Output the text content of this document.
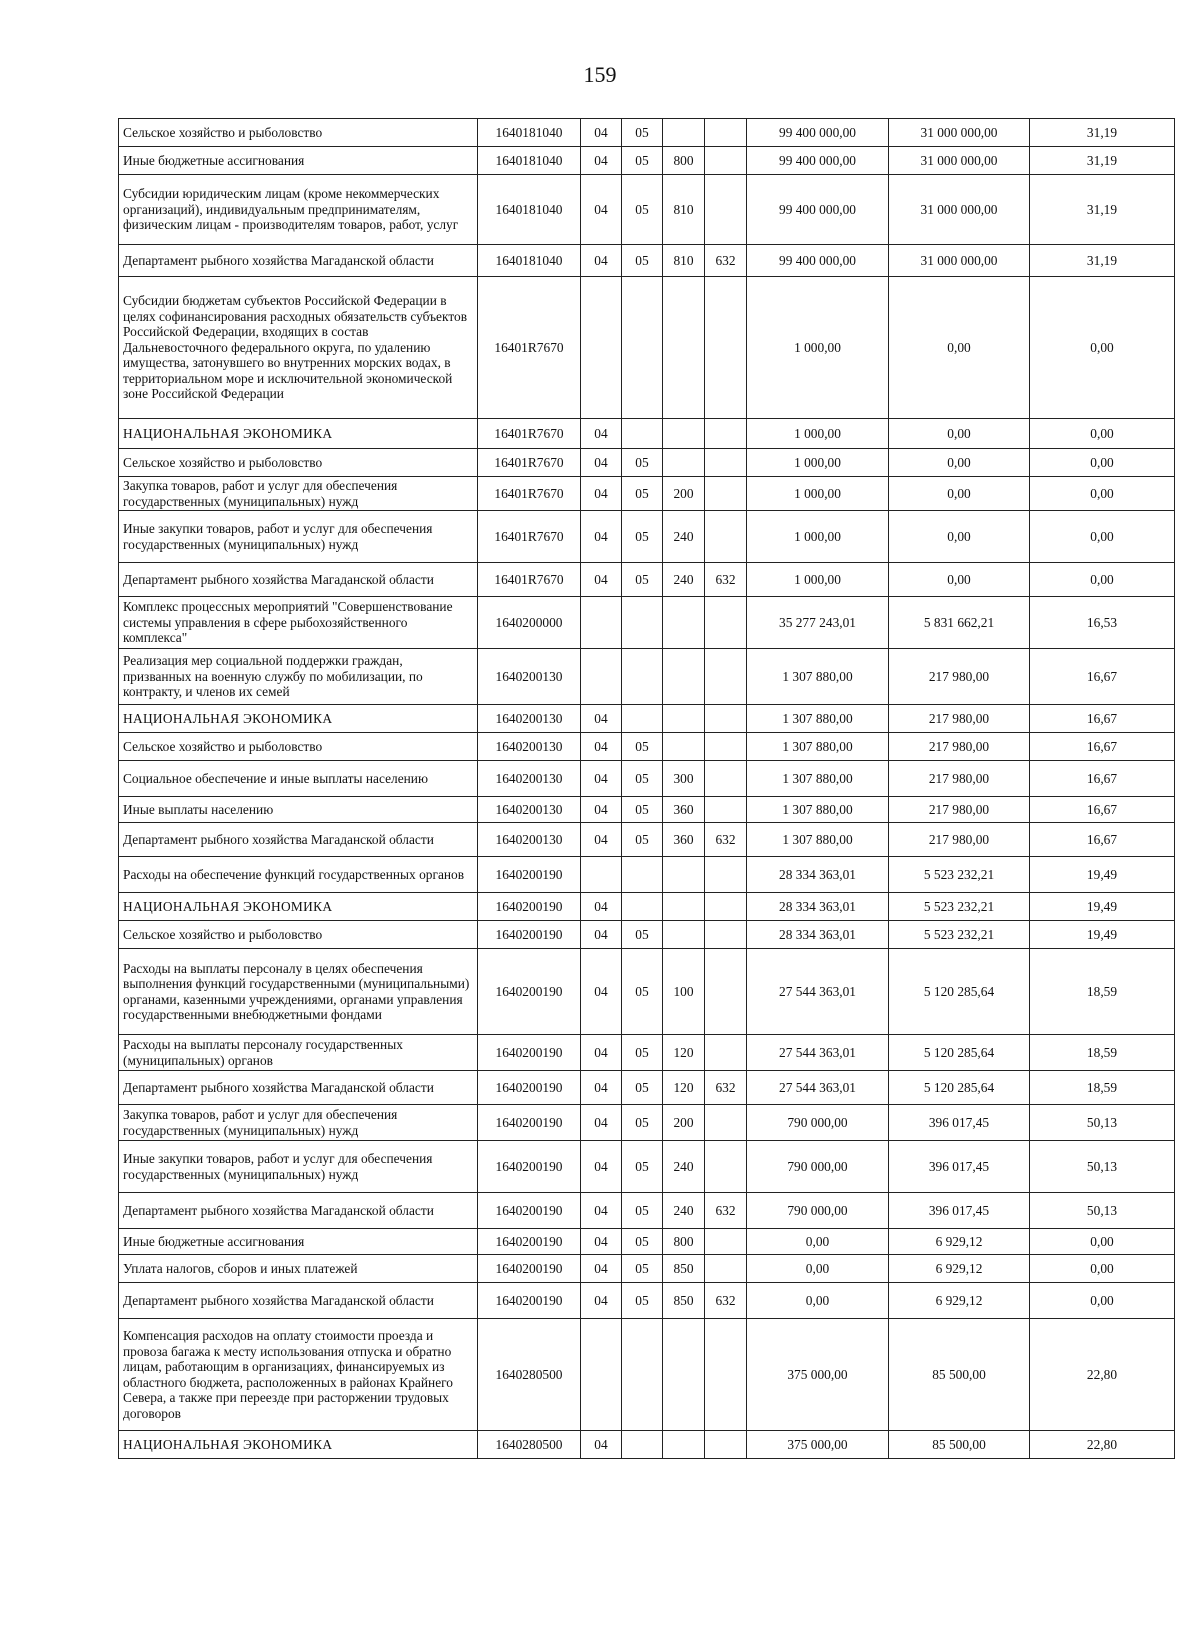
159
Сельское хозяйство и рыболовство	1640181040	04	05			99 400 000,00	31 000 000,00	31,19
Иные бюджетные ассигнования	1640181040	04	05	800		99 400 000,00	31 000 000,00	31,19
Субсидии юридическим лицам (кроме некоммерческих организаций), индивидуальным предпринимателям, физическим лицам - производителям товаров, работ, услуг	1640181040	04	05	810		99 400 000,00	31 000 000,00	31,19
Департамент рыбного хозяйства Магаданской области	1640181040	04	05	810	632	99 400 000,00	31 000 000,00	31,19
Субсидии бюджетам субъектов Российской Федерации в целях софинансирования расходных обязательств субъектов Российской Федерации, входящих в состав Дальневосточного федерального округа, по удалению имущества, затонувшего во внутренних морских водах, в территориальном море и исключительной экономической зоне Российской Федерации	16401R7670					1 000,00	0,00	0,00
НАЦИОНАЛЬНАЯ ЭКОНОМИКА	16401R7670	04				1 000,00	0,00	0,00
Сельское хозяйство и рыболовство	16401R7670	04	05			1 000,00	0,00	0,00
Закупка товаров, работ и услуг для обеспечения государственных (муниципальных) нужд	16401R7670	04	05	200		1 000,00	0,00	0,00
Иные закупки товаров, работ и услуг для обеспечения государственных (муниципальных) нужд	16401R7670	04	05	240		1 000,00	0,00	0,00
Департамент рыбного хозяйства Магаданской области	16401R7670	04	05	240	632	1 000,00	0,00	0,00
Комплекс процессных мероприятий "Совершенствование системы управления в сфере рыбохозяйственного комплекса"	1640200000					35 277 243,01	5 831 662,21	16,53
Реализация мер социальной поддержки граждан, призванных на военную службу по мобилизации, по контракту, и членов их семей	1640200130					1 307 880,00	217 980,00	16,67
НАЦИОНАЛЬНАЯ ЭКОНОМИКА	1640200130	04				1 307 880,00	217 980,00	16,67
Сельское хозяйство и рыболовство	1640200130	04	05			1 307 880,00	217 980,00	16,67
Социальное обеспечение и иные выплаты населению	1640200130	04	05	300		1 307 880,00	217 980,00	16,67
Иные выплаты населению	1640200130	04	05	360		1 307 880,00	217 980,00	16,67
Департамент рыбного хозяйства Магаданской области	1640200130	04	05	360	632	1 307 880,00	217 980,00	16,67
Расходы на обеспечение функций государственных органов	1640200190					28 334 363,01	5 523 232,21	19,49
НАЦИОНАЛЬНАЯ ЭКОНОМИКА	1640200190	04				28 334 363,01	5 523 232,21	19,49
Сельское хозяйство и рыболовство	1640200190	04	05			28 334 363,01	5 523 232,21	19,49
Расходы на выплаты персоналу в целях обеспечения выполнения функций государственными (муниципальными) органами, казенными учреждениями, органами управления государственными внебюджетными фондами	1640200190	04	05	100		27 544 363,01	5 120 285,64	18,59
Расходы на выплаты персоналу государственных (муниципальных) органов	1640200190	04	05	120		27 544 363,01	5 120 285,64	18,59
Департамент рыбного хозяйства Магаданской области	1640200190	04	05	120	632	27 544 363,01	5 120 285,64	18,59
Закупка товаров, работ и услуг для обеспечения государственных (муниципальных) нужд	1640200190	04	05	200		790 000,00	396 017,45	50,13
Иные закупки товаров, работ и услуг для обеспечения государственных (муниципальных) нужд	1640200190	04	05	240		790 000,00	396 017,45	50,13
Департамент рыбного хозяйства Магаданской области	1640200190	04	05	240	632	790 000,00	396 017,45	50,13
Иные бюджетные ассигнования	1640200190	04	05	800		0,00	6 929,12	0,00
Уплата налогов, сборов и иных платежей	1640200190	04	05	850		0,00	6 929,12	0,00
Департамент рыбного хозяйства Магаданской области	1640200190	04	05	850	632	0,00	6 929,12	0,00
Компенсация расходов на оплату стоимости проезда и провоза багажа к месту использования отпуска и обратно лицам, работающим в организациях, финансируемых из областного бюджета, расположенных в районах Крайнего Севера, а также при переезде при расторжении трудовых договоров	1640280500					375 000,00	85 500,00	22,80
НАЦИОНАЛЬНАЯ ЭКОНОМИКА	1640280500	04				375 000,00	85 500,00	22,80
